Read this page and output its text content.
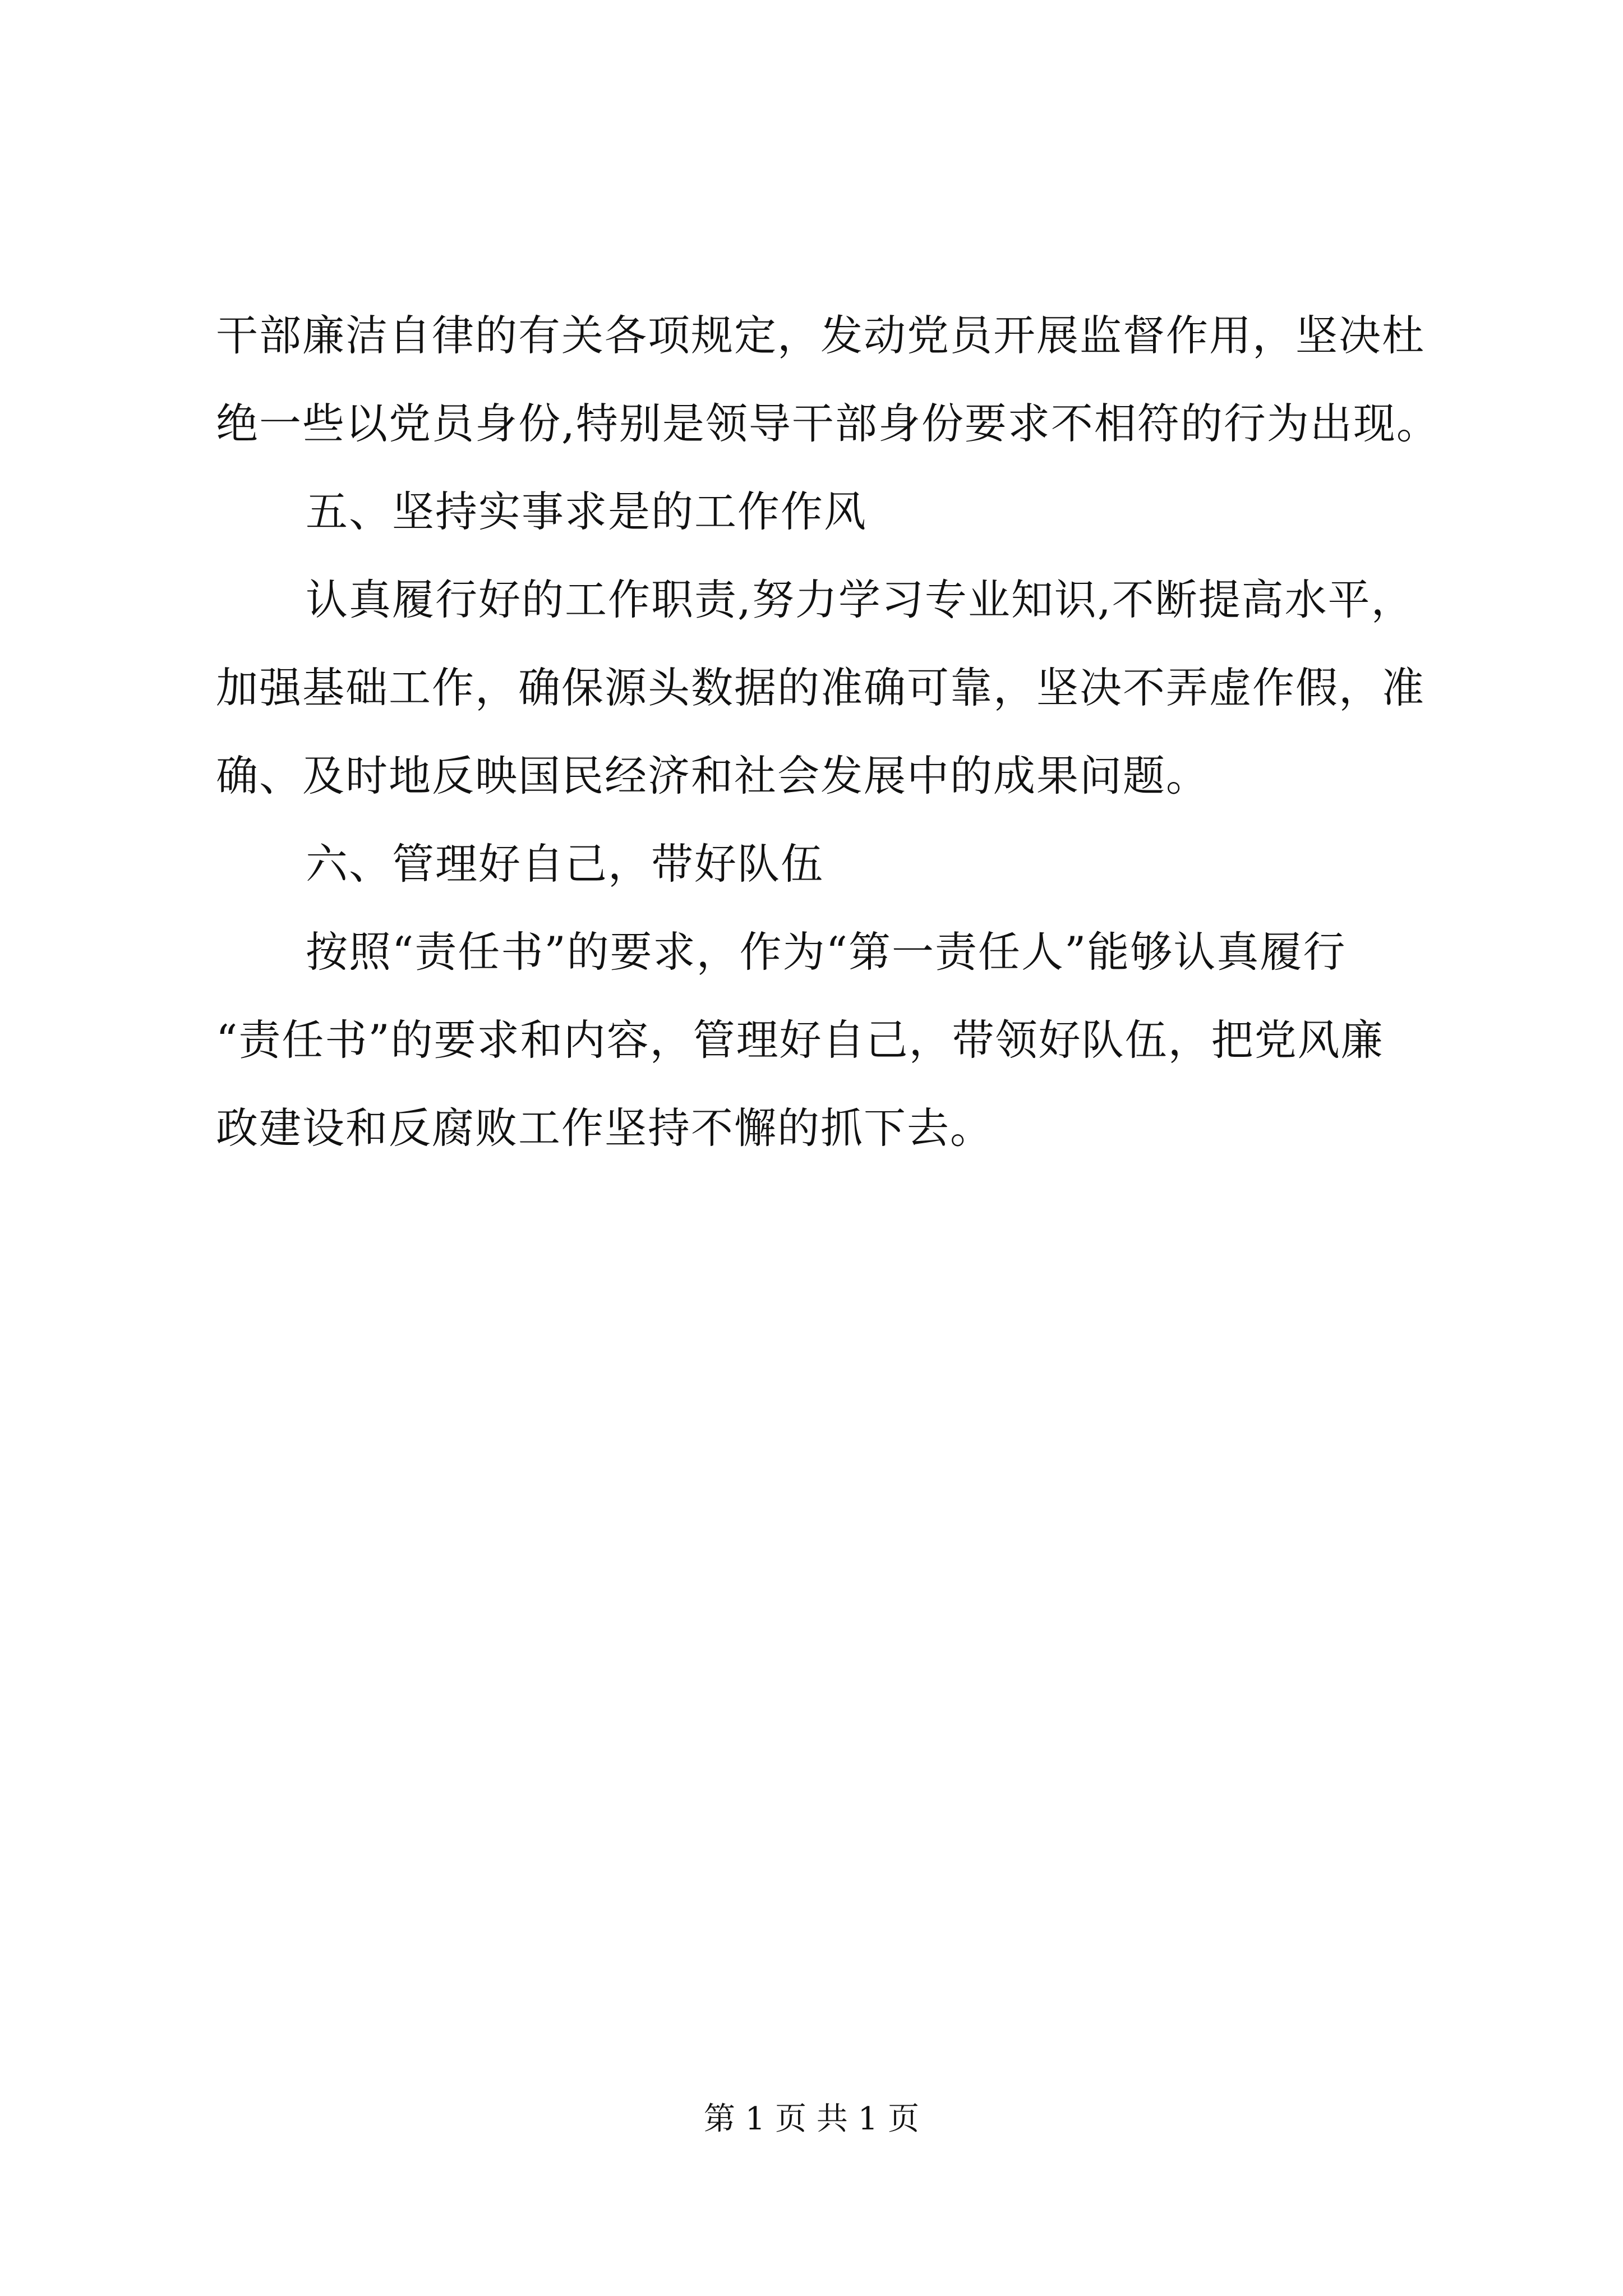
干部廉洁自律的有关各项规定，发动党员开展监督作用，坚决杜
绝一些以党员身份,特别是领导干部身份要求不相符的行为出现。
五、坚持实事求是的工作作风
认真履行好的工作职责,努力学习专业知识,不断提高水平，
加强基础工作，确保源头数据的准确可靠，坚决不弄虚作假，准
确、及时地反映国民经济和社会发展中的成果问题。
六、管理好自己，带好队伍
按照“责任书”的要求，作为“第一责任人”能够认真履行
“责任书”的要求和内容，管理好自己，带领好队伍，把党风廉
政建设和反腐败工作坚持不懈的抓下去。
第 1 页 共 1 页
